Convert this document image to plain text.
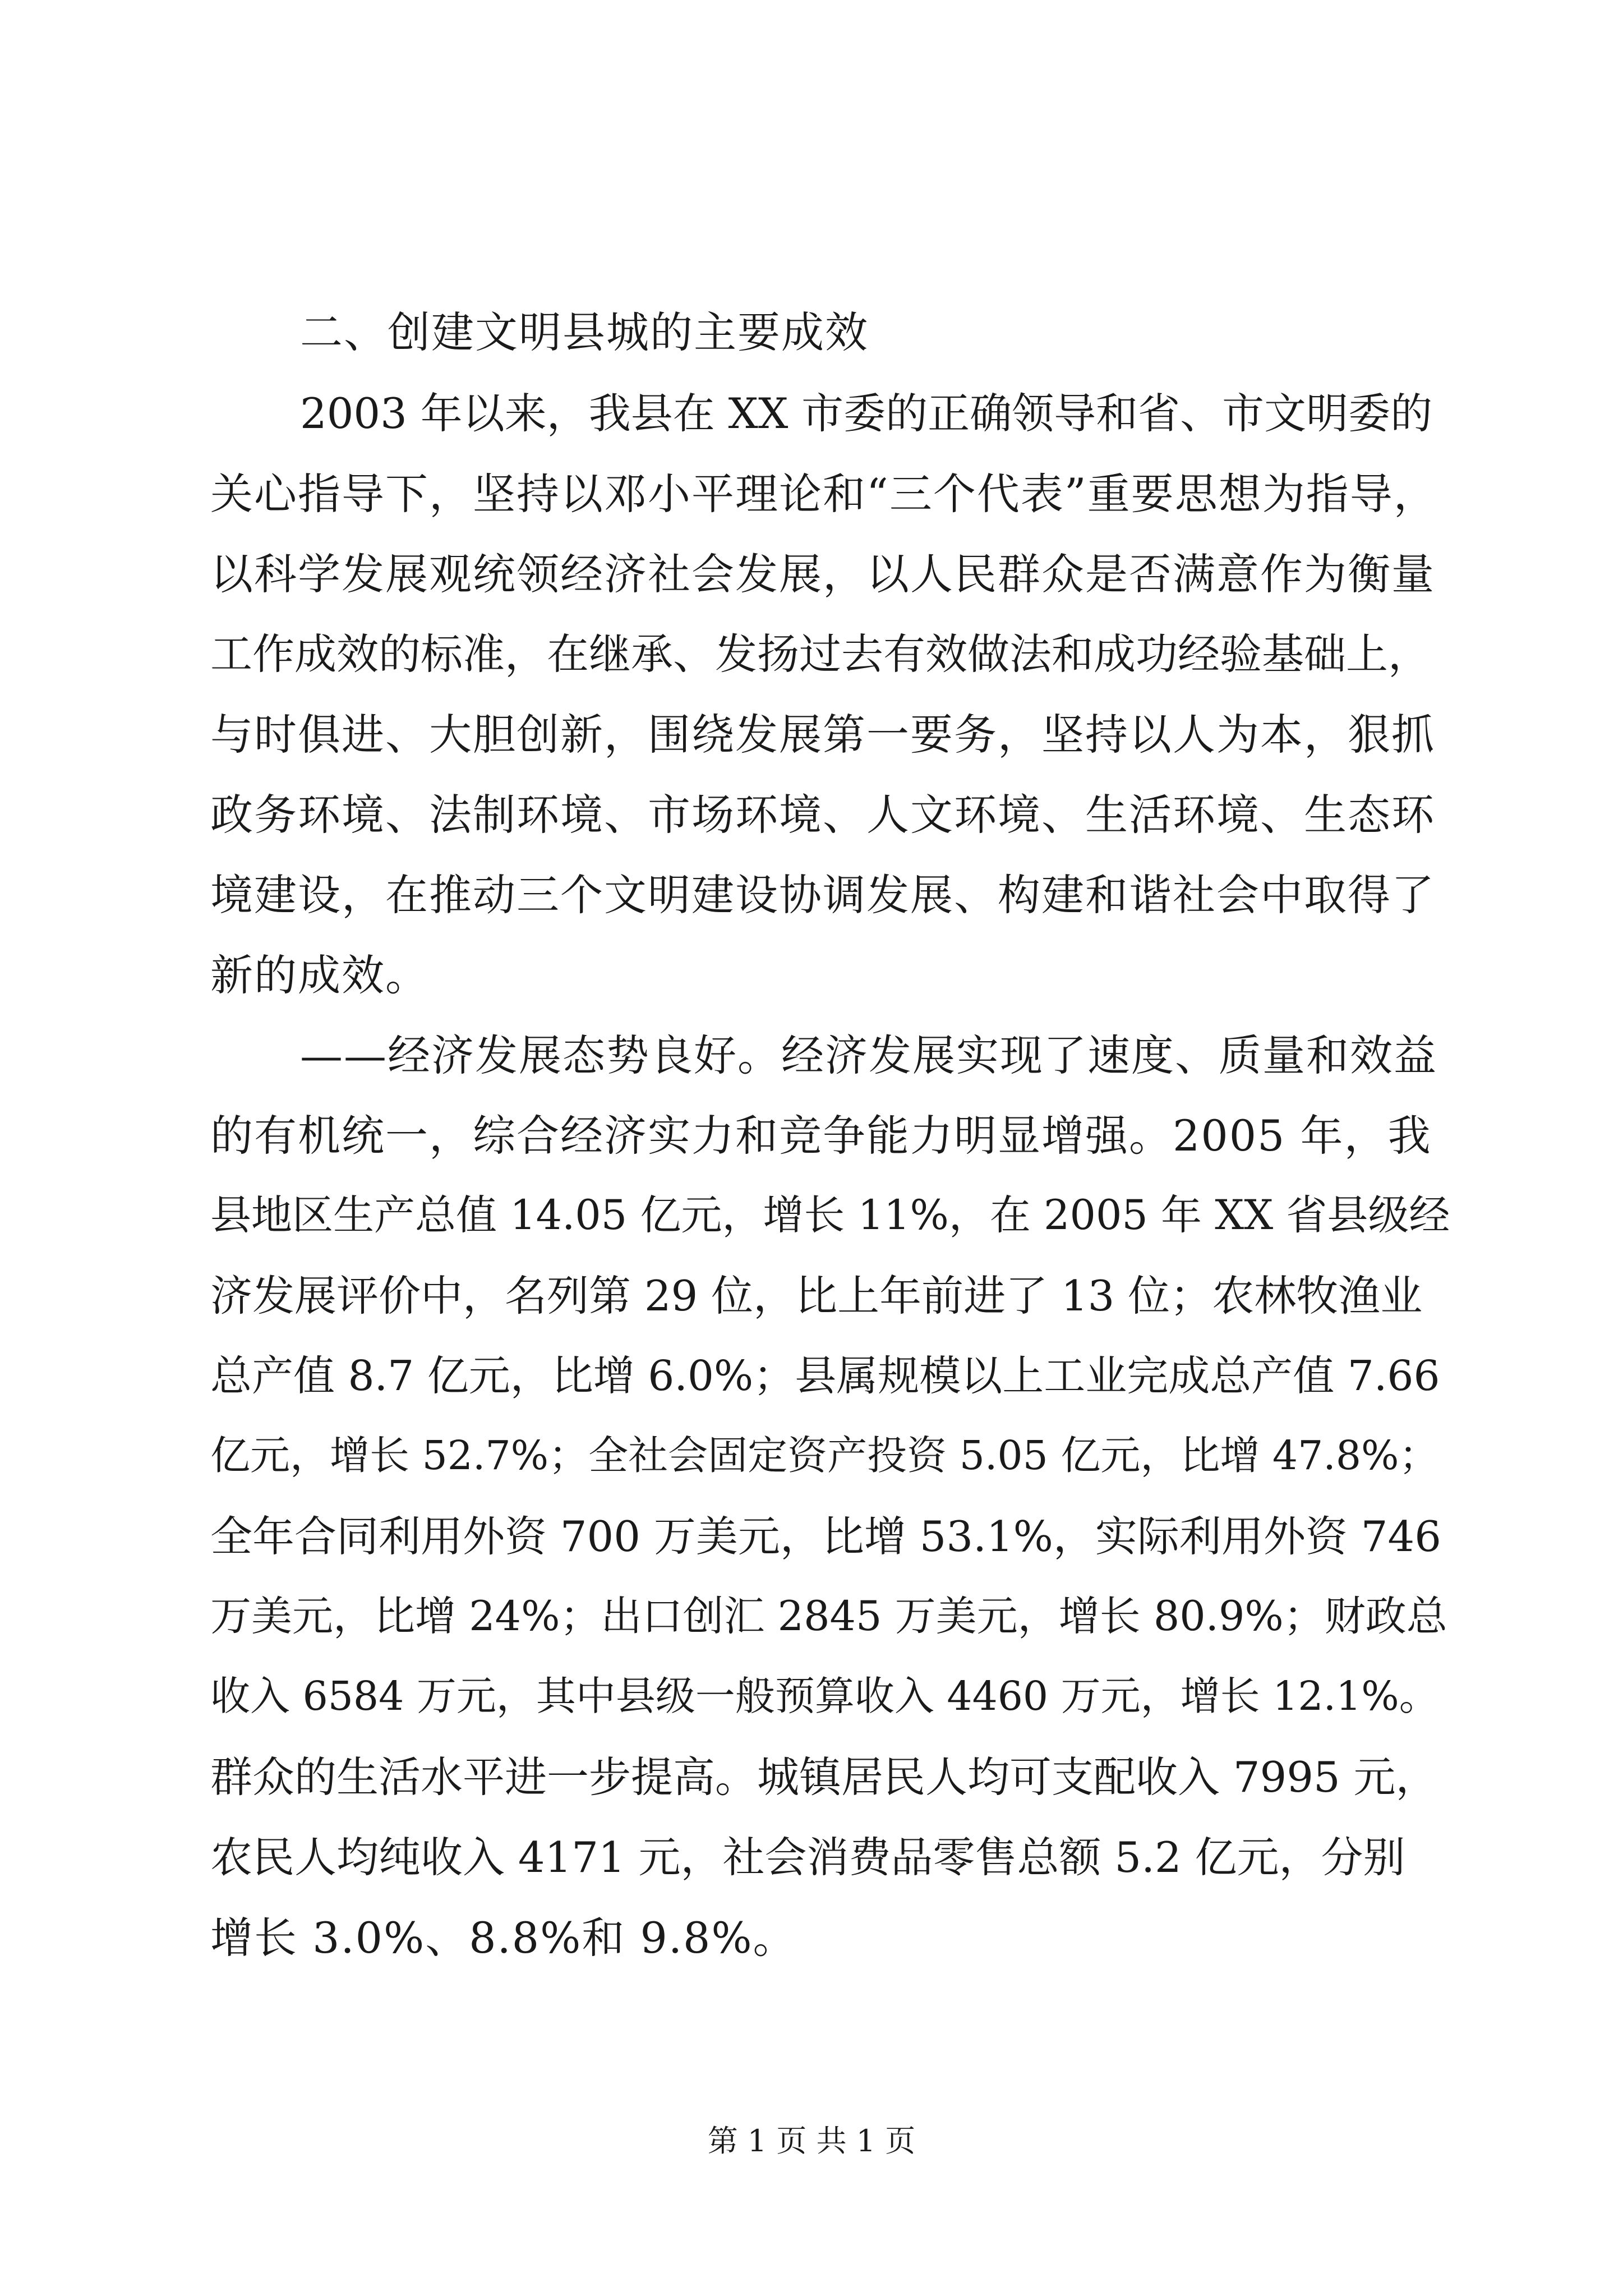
二、创建文明县城的主要成效
2003 年以来，我县在 XX 市委的正确领导和省、市文明委的
关心指导下，坚持以邓小平理论和“三个代表”重要思想为指导，
以科学发展观统领经济社会发展，以人民群众是否满意作为衡量
工作成效的标准，在继承、发扬过去有效做法和成功经验基础上，
与时俱进、大胆创新，围绕发展第一要务，坚持以人为本，狠抓
政务环境、法制环境、市场环境、人文环境、生活环境、生态环
境建设，在推动三个文明建设协调发展、构建和谐社会中取得了
新的成效。
——经济发展态势良好。经济发展实现了速度、质量和效益
的有机统一，综合经济实力和竞争能力明显增强。2005 年，我
县地区生产总值 14.05 亿元，增长 11%，在 2005 年 XX 省县级经
济发展评价中，名列第 29 位，比上年前进了 13 位；农林牧渔业
总产值 8.7 亿元，比增 6.0%；县属规模以上工业完成总产值 7.66
亿元，增长 52.7%；全社会固定资产投资 5.05 亿元，比增 47.8%；
全年合同利用外资 700 万美元，比增 53.1%，实际利用外资 746
万美元，比增 24%；出口创汇 2845 万美元，增长 80.9%；财政总
收入 6584 万元，其中县级一般预算收入 4460 万元，增长 12.1%。
群众的生活水平进一步提高。城镇居民人均可支配收入 7995 元，
农民人均纯收入 4171 元，社会消费品零售总额 5.2 亿元，分别
增长 3.0%、8.8%和 9.8%。
第 1 页 共 1 页
